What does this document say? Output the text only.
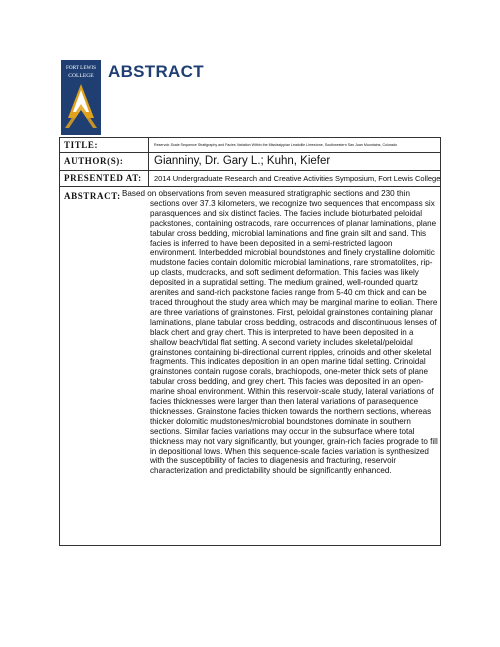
FORT LEWIS
COLLEGE ABSTRACT
TITLE:	Reservoir-Scale Sequence Stratigraphy and Facies Variation Within the Mississippian Leadville Limestone, Southwestern San Juan Mountains, Colorado
AUTHOR(S):	Gianniny, Dr. Gary L.; Kuhn, Kiefer
PRESENTED AT:	2014 Undergraduate Research and Creative Activities Symposium, Fort Lewis College
ABSTRACT: Based on observations from seven measured stratigraphic sections and 230 thin sections over 37.3 kilometers, we recognize two sequences that encompass six parasquences and six distinct facies. The facies include bioturbated peloidal packstones, containing ostracods, rare occurrences of planar laminations, plane tabular cross bedding, microbial laminations and fine grain silt and sand. This facies is inferred to have been deposited in a semi-restricted lagoon environment. Interbedded microbial boundstones and finely crystalline dolomitic mudstone facies contain dolomitic microbial laminations, rare stromatolites, rip-up clasts, mudcracks, and soft sediment deformation. This facies was likely deposited in a supratidal setting. The medium grained, well-rounded quartz arenites and sand-rich packstone facies range from 5-40 cm thick and can be traced throughout the study area which may be marginal marine to eolian. There are three variations of grainstones. First, peloidal grainstones containing planar laminations, plane tabular cross bedding, ostracods and discontinuous lenses of black chert and gray chert. This is interpreted to have been deposited in a shallow beach/tidal flat setting. A second variety includes skeletal/peloidal grainstones containing bi-directional current ripples, crinoids and other skeletal fragments. This indicates deposition in an open marine tidal setting. Crinoidal grainstones contain rugose corals, brachiopods, one-meter thick sets of plane tabular cross bedding, and grey chert. This facies was deposited in an open-marine shoal environment. Within this reservoir-scale study, lateral variations of facies thicknesses were larger than then lateral variations of parasequence thicknesses. Grainstone facies thicken towards the northern sections, whereas thicker dolomitic mudstones/microbial boundstones dominate in southern sections. Similar facies variations may occur in the subsurface where total thickness may not vary significantly, but younger, grain-rich facies prograde to fill in depositional lows. When this sequence-scale facies variation is synthesized with the susceptibility of facies to diagenesis and fracturing, reservoir characterization and predictability should be significantly enhanced.
